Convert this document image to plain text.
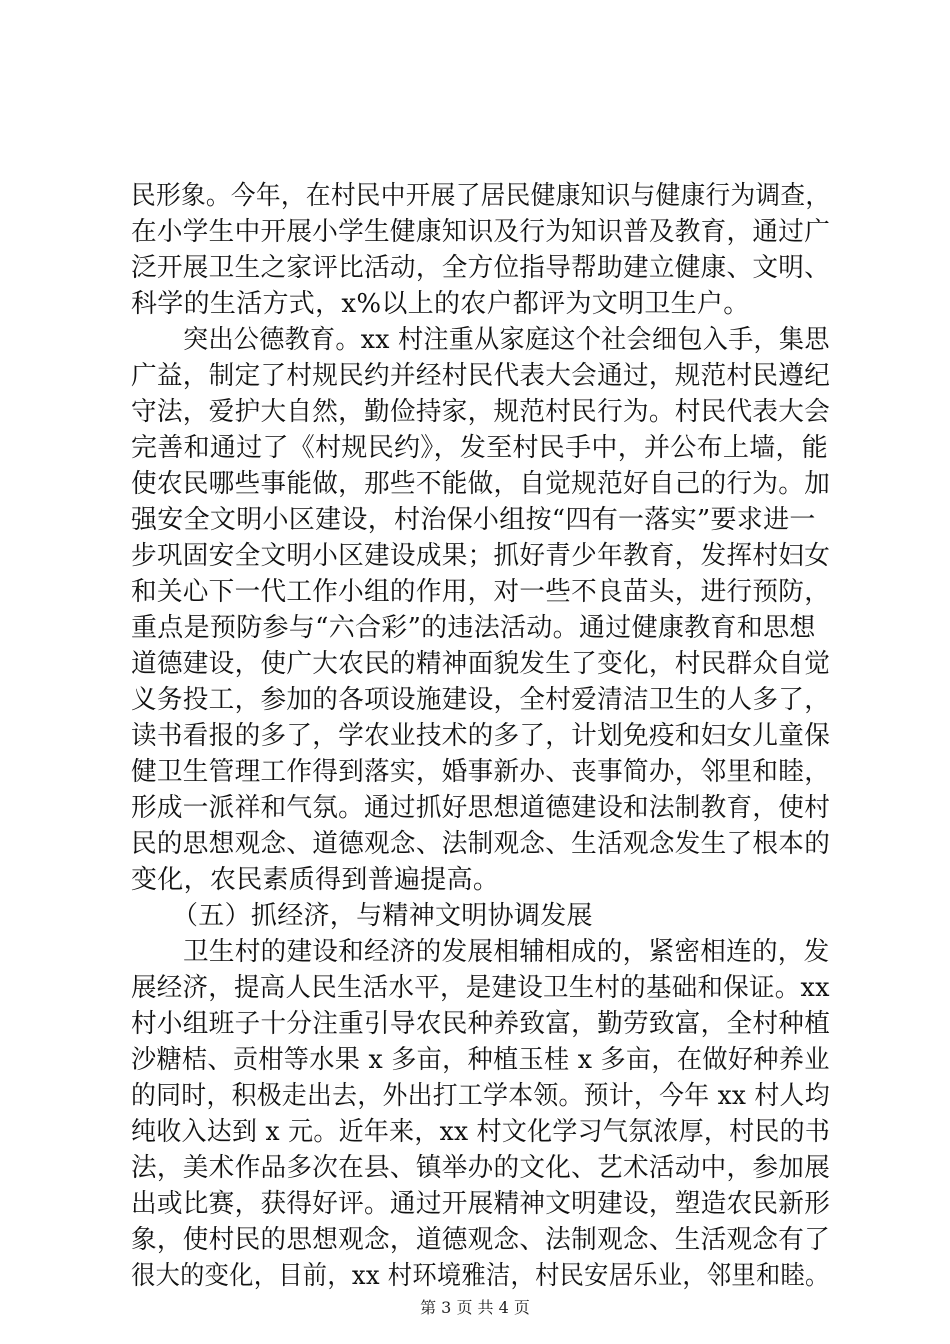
民形象。今年，在村民中开展了居民健康知识与健康行为调查，
在小学生中开展小学生健康知识及行为知识普及教育，通过广
泛开展卫生之家评比活动，全方位指导帮助建立健康、文明、
科学的生活方式，x%以上的农户都评为文明卫生户。
突出公德教育。xx 村注重从家庭这个社会细包入手，集思
广益，制定了村规民约并经村民代表大会通过，规范村民遵纪
守法，爱护大自然，勤俭持家，规范村民行为。村民代表大会
完善和通过了《村规民约》，发至村民手中，并公布上墙，能
使农民哪些事能做，那些不能做，自觉规范好自己的行为。加
强安全文明小区建设，村治保小组按“四有一落实”要求进一
步巩固安全文明小区建设成果；抓好青少年教育，发挥村妇女
和关心下一代工作小组的作用，对一些不良苗头，进行预防，
重点是预防参与“六合彩”的违法活动。通过健康教育和思想
道德建设，使广大农民的精神面貌发生了变化，村民群众自觉
义务投工，参加的各项设施建设，全村爱清洁卫生的人多了，
读书看报的多了，学农业技术的多了，计划免疫和妇女儿童保
健卫生管理工作得到落实，婚事新办、丧事简办，邻里和睦，
形成一派祥和气氛。通过抓好思想道德建设和法制教育，使村
民的思想观念、道德观念、法制观念、生活观念发生了根本的
变化，农民素质得到普遍提高。
（五）抓经济，与精神文明协调发展
卫生村的建设和经济的发展相辅相成的，紧密相连的，发
展经济，提高人民生活水平，是建设卫生村的基础和保证。xx
村小组班子十分注重引导农民种养致富，勤劳致富，全村种植
沙糖桔、贡柑等水果 x 多亩，种植玉桂 x 多亩，在做好种养业
的同时，积极走出去，外出打工学本领。预计，今年 xx 村人均
纯收入达到 x 元。近年来，xx 村文化学习气氛浓厚，村民的书
法，美术作品多次在县、镇举办的文化、艺术活动中，参加展
出或比赛，获得好评。通过开展精神文明建设，塑造农民新形
象，使村民的思想观念，道德观念、法制观念、生活观念有了
很大的变化，目前，xx 村环境雅洁，村民安居乐业，邻里和睦。
第 3 页 共 4 页
